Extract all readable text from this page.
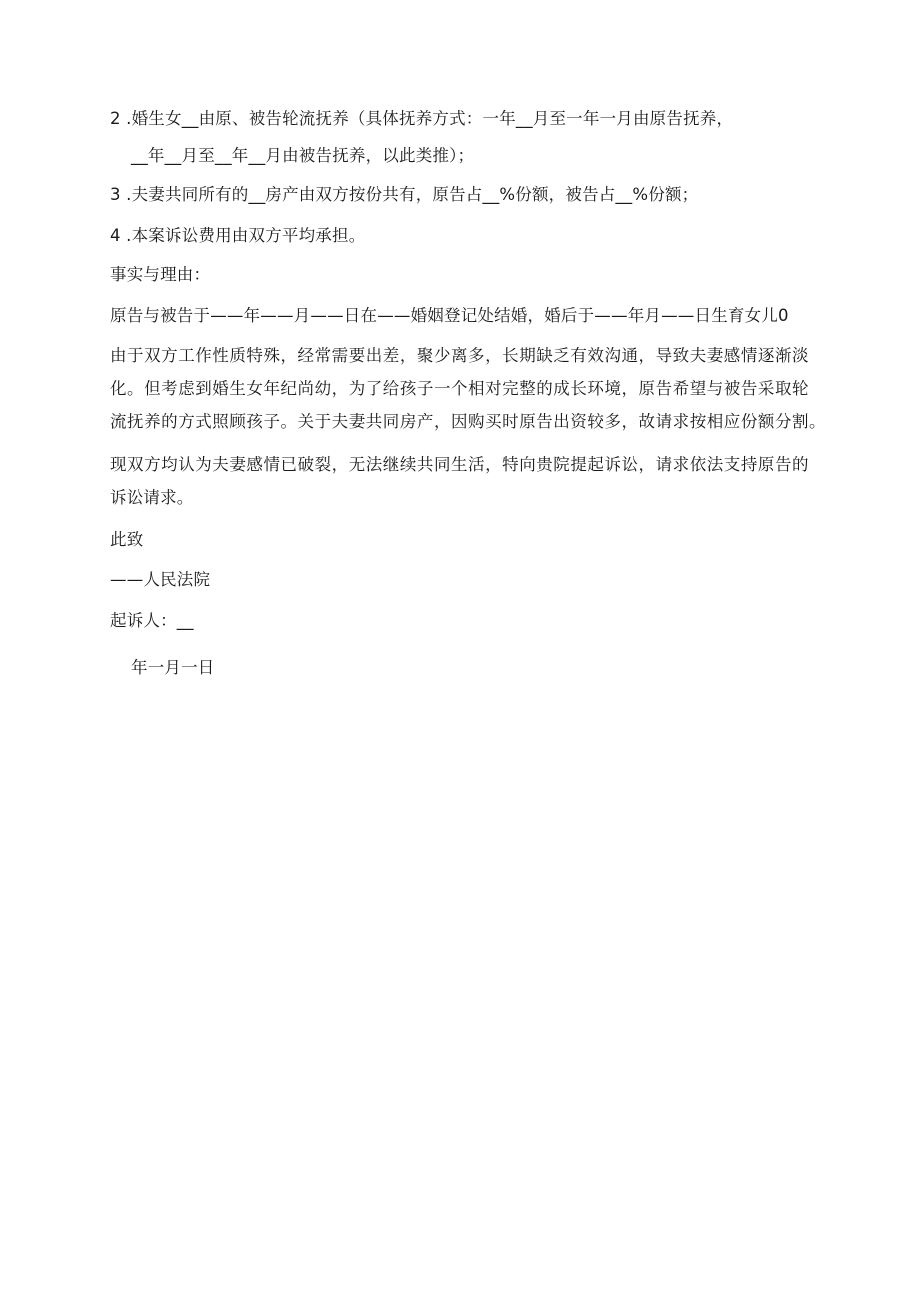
2 .婚生女__由原、被告轮流抚养（具体抚养方式：一年__月至一年一月由原告抚养，
__年__月至__年__月由被告抚养，以此类推）；
3 .夫妻共同所有的__房产由双方按份共有，原告占__%份额，被告占__%份额；
4 .本案诉讼费用由双方平均承担。
事实与理由：
原告与被告于——年——月——日在——婚姻登记处结婚，婚后于——年月——日生育女儿0
由于双方工作性质特殊，经常需要出差，聚少离多，长期缺乏有效沟通，导致夫妻感情逐渐淡
化。但考虑到婚生女年纪尚幼，为了给孩子一个相对完整的成长环境，原告希望与被告采取轮
流抚养的方式照顾孩子。关于夫妻共同房产，因购买时原告出资较多，故请求按相应份额分割。
现双方均认为夫妻感情已破裂，无法继续共同生活，特向贵院提起诉讼，请求依法支持原告的
诉讼请求。
此致
——人民法院
起诉人：__
年一月一日
